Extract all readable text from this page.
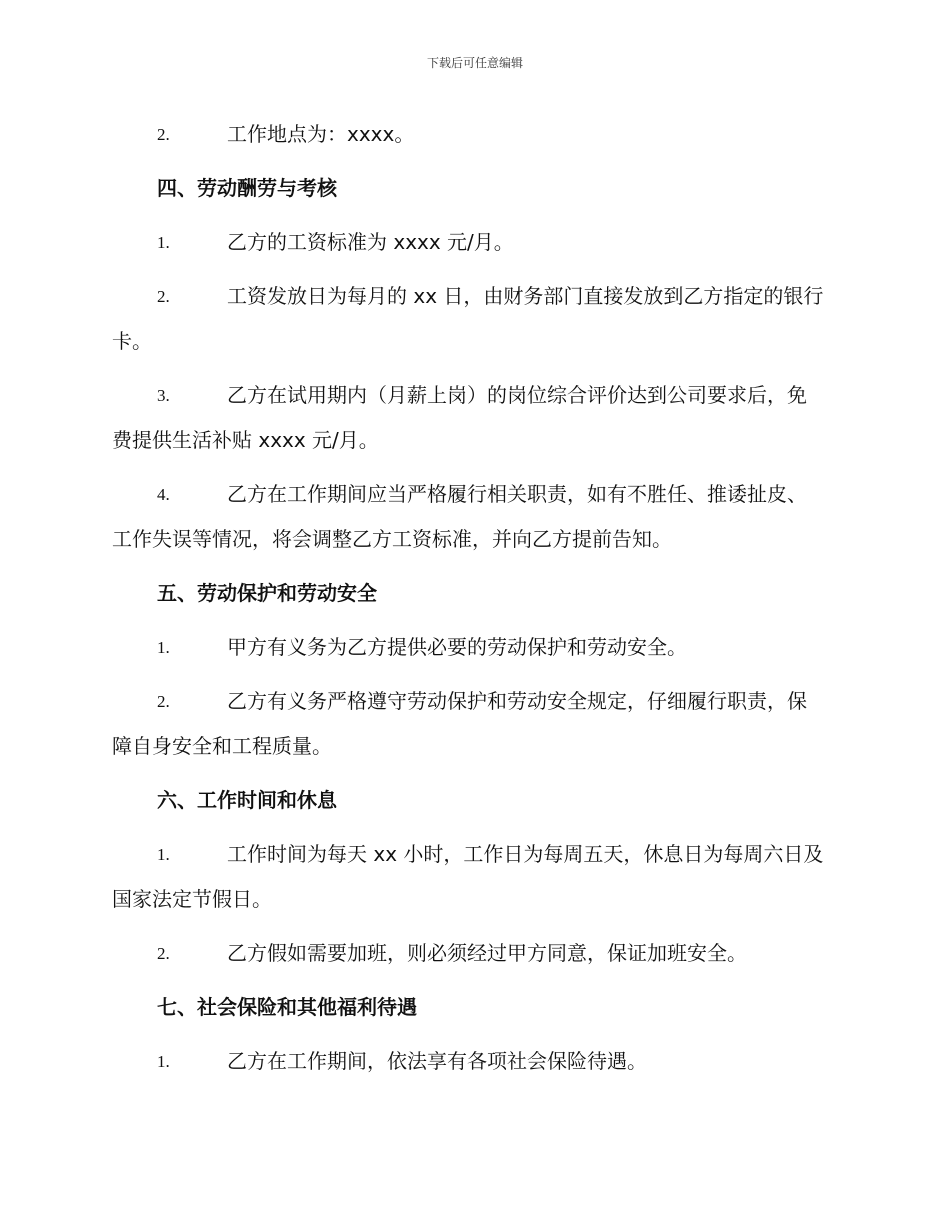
下载后可任意编辑
2.	工作地点为：xxxx。
四、劳动酬劳与考核
1.	乙方的工资标准为 xxxx 元/月。
2.	工资发放日为每月的 xx 日，由财务部门直接发放到乙方指定的银行卡。
3.	乙方在试用期内（月薪上岗）的岗位综合评价达到公司要求后，免费提供生活补贴 xxxx 元/月。
4.	乙方在工作期间应当严格履行相关职责，如有不胜任、推诿扯皮、工作失误等情况，将会调整乙方工资标准，并向乙方提前告知。
五、劳动保护和劳动安全
1.	甲方有义务为乙方提供必要的劳动保护和劳动安全。
2.	乙方有义务严格遵守劳动保护和劳动安全规定，仔细履行职责，保障自身安全和工程质量。
六、工作时间和休息
1.	工作时间为每天 xx 小时，工作日为每周五天，休息日为每周六日及国家法定节假日。
2.	乙方假如需要加班，则必须经过甲方同意，保证加班安全。
七、社会保险和其他福利待遇
1.	乙方在工作期间，依法享有各项社会保险待遇。
